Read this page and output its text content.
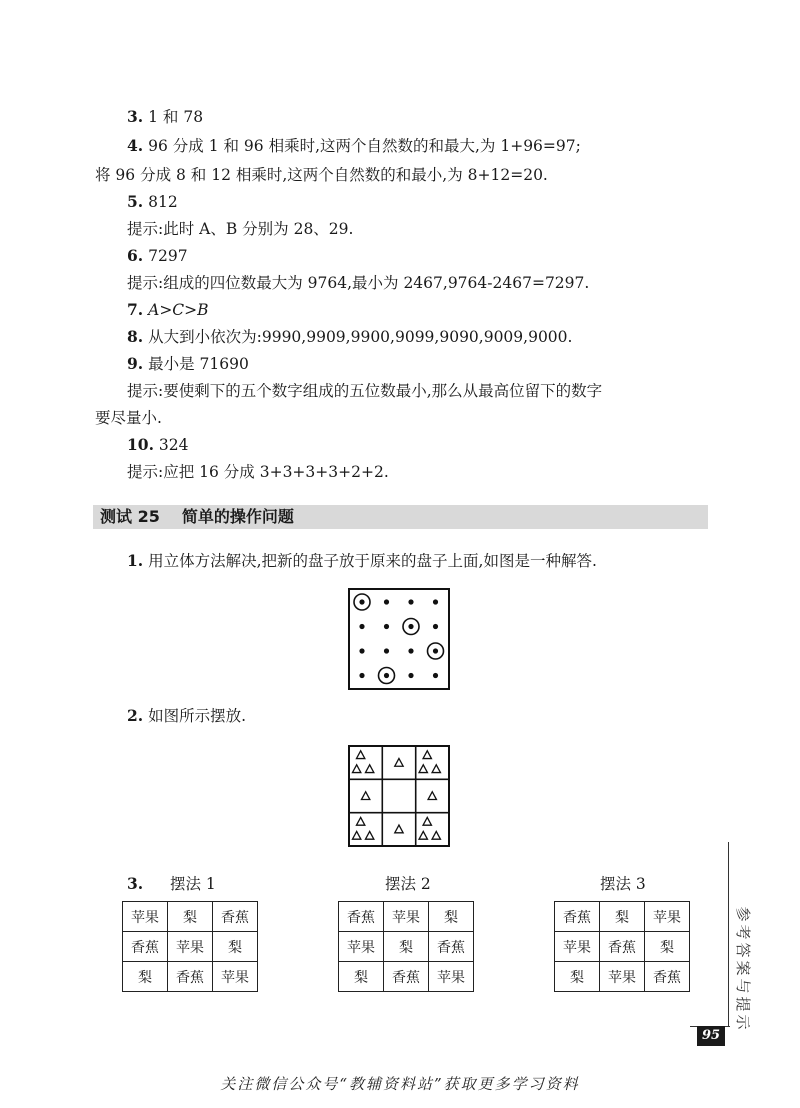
3. 1 和 78
4. 96 分成 1 和 96 相乘时,这两个自然数的和最大,为 1+96=97;
将 96 分成 8 和 12 相乘时,这两个自然数的和最小,为 8+12=20.
5. 812
提示:此时 A、B 分别为 28、29.
6. 7297
提示:组成的四位数最大为 9764,最小为 2467,9764-2467=7297.
7. A>C>B
8. 从大到小依次为:9990,9909,9900,9099,9090,9009,9000.
9. 最小是 71690
提示:要使剩下的五个数字组成的五位数最小,那么从最高位留下的数字
要尽量小.
10. 324
提示:应把 16 分成 3+3+3+3+2+2.
测试 25 简单的操作问题
1. 用立体方法解决,把新的盘子放于原来的盘子上面,如图是一种解答.
2. 如图所示摆放.
3. 摆法 1	摆法 2	摆法 3
苹果	梨	香蕉
香蕉	苹果	梨
梨	香蕉	苹果
香蕉	苹果	梨
苹果	梨	香蕉
梨	香蕉	苹果
香蕉	梨	苹果
苹果	香蕉	梨
梨	苹果	香蕉
参
考
答
案
与
提
示
95
关注微信公众号“教辅资料站”获取更多学习资料
